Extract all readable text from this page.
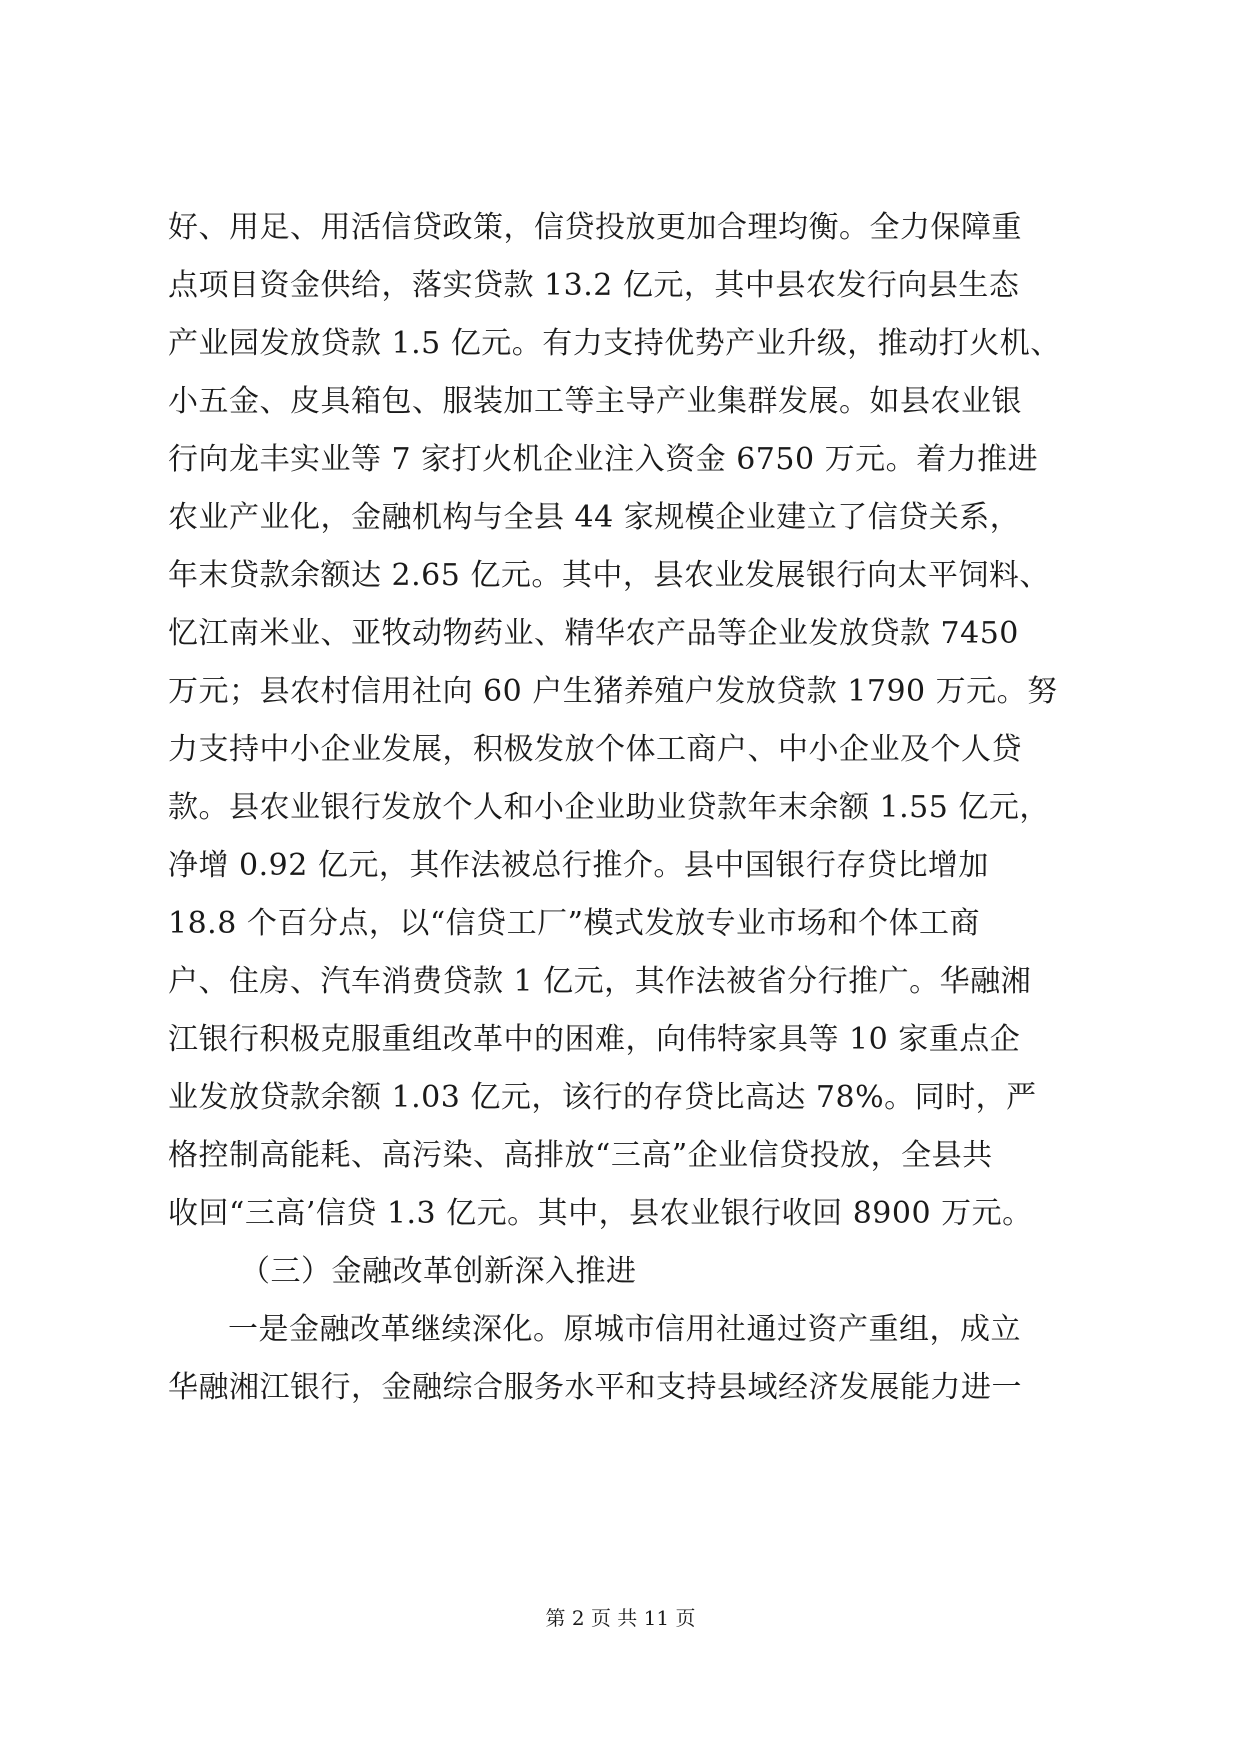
好、用足、用活信贷政策，信贷投放更加合理均衡。全力保障重
点项目资金供给，落实贷款 13.2 亿元，其中县农发行向县生态
产业园发放贷款 1.5 亿元。有力支持优势产业升级，推动打火机、
小五金、皮具箱包、服装加工等主导产业集群发展。如县农业银
行向龙丰实业等 7 家打火机企业注入资金 6750 万元。着力推进
农业产业化，金融机构与全县 44 家规模企业建立了信贷关系，
年末贷款余额达 2.65 亿元。其中，县农业发展银行向太平饲料、
忆江南米业、亚牧动物药业、精华农产品等企业发放贷款 7450
万元；县农村信用社向 60 户生猪养殖户发放贷款 1790 万元。努
力支持中小企业发展，积极发放个体工商户、中小企业及个人贷
款。县农业银行发放个人和小企业助业贷款年末余额 1.55 亿元，
净增 0.92 亿元，其作法被总行推介。县中国银行存贷比增加
18.8 个百分点，以“信贷工厂”模式发放专业市场和个体工商
户、住房、汽车消费贷款 1 亿元，其作法被省分行推广。华融湘
江银行积极克服重组改革中的困难，向伟特家具等 10 家重点企
业发放贷款余额 1.03 亿元，该行的存贷比高达 78%。同时，严
格控制高能耗、高污染、高排放“三高”企业信贷投放，全县共
收回“三高’信贷 1.3 亿元。其中，县农业银行收回 8900 万元。
（三）金融改革创新深入推进
一是金融改革继续深化。原城市信用社通过资产重组，成立
华融湘江银行，金融综合服务水平和支持县域经济发展能力进一
第 2 页 共 11 页
